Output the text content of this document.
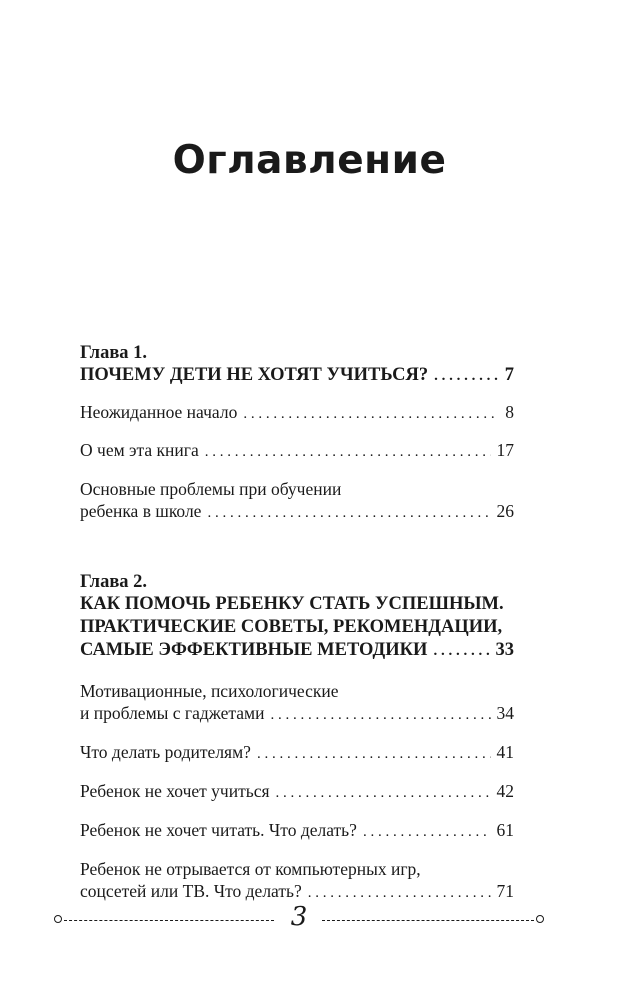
Оглавление
Глава 1.
ПОЧЕМУ ДЕТИ НЕ ХОТЯТ УЧИТЬСЯ? . . .	7
Неожиданное начало . . .	8
О чем эта книга . . .	17
Основные проблемы при обучении
ребенка в школе . . .	26
Глава 2.
КАК ПОМОЧЬ РЕБЕНКУ СТАТЬ УСПЕШНЫМ.
ПРАКТИЧЕСКИЕ СОВЕТЫ, РЕКОМЕНДАЦИИ,
САМЫЕ ЭФФЕКТИВНЫЕ МЕТОДИКИ . . .	33
Мотивационные, психологические
и проблемы с гаджетами . . .	34
Что делать родителям? . . .	41
Ребенок не хочет учиться . . .	42
Ребенок не хочет читать. Что делать? . . .	61
Ребенок не отрывается от компьютерных игр,
соцсетей или ТВ. Что делать? . . .	71
3
